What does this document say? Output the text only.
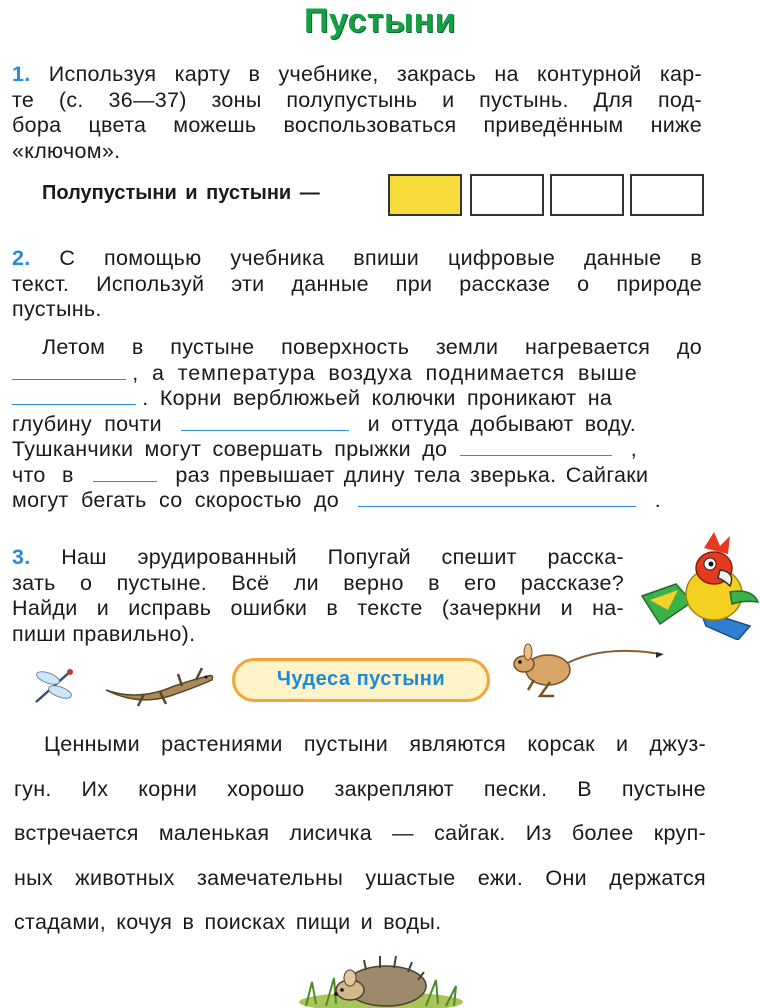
Пустыни
1. Используя карту в учебнике, закрась на контурной кар-
те (с. 36—37) зоны полупустынь и пустынь. Для под-
бора цвета можешь воспользоваться приведённым ниже
«ключом».
Полупустыни и пустыни —
2. С помощью учебника впиши цифровые данные в
текст. Используй эти данные при рассказе о природе
пустынь.
Летом в пустыне поверхность земли нагревается до
, а температура воздуха поднимается выше
. Корни верблюжьей колючки проникают на
глубину почти	и оттуда добывают воду.
Тушканчики могут совершать прыжки до	,
что в	раз превышает длину тела зверька. Сайгаки
могут бегать со скоростью до	.
3. Наш эрудированный Попугай спешит расска-
зать о пустыне. Всё ли верно в его рассказе?
Найди и исправь ошибки в тексте (зачеркни и на-
пиши правильно).
Чудеса пустыни
Ценными растениями пустыни являются корсак и джуз-
гун. Их корни хорошо закрепляют пески. В пустыне
встречается маленькая лисичка — сайгак. Из более круп-
ных животных замечательны ушастые ежи. Они держатся
стадами, кочуя в поисках пищи и воды.
